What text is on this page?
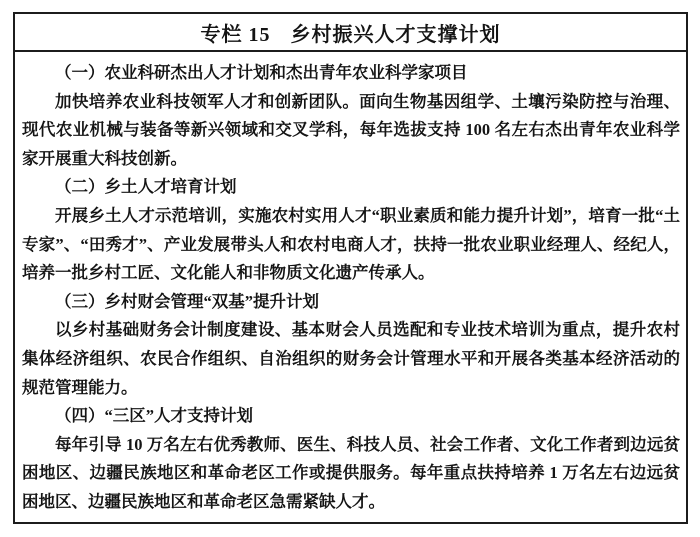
专栏 15 乡村振兴人才支撑计划

（一）农业科研杰出人才计划和杰出青年农业科学家项目

加快培养农业科技领军人才和创新团队。面向生物基因组学、土壤污染防控与治理、现代农业机械与装备等新兴领域和交叉学科，每年选拔支持 100 名左右杰出青年农业科学家开展重大科技创新。

（二）乡土人才培育计划

开展乡土人才示范培训，实施农村实用人才“职业素质和能力提升计划”，培育一批“土专家”、“田秀才”、产业发展带头人和农村电商人才，扶持一批农业职业经理人、经纪人，培养一批乡村工匠、文化能人和非物质文化遗产传承人。

（三）乡村财会管理“双基”提升计划

以乡村基础财务会计制度建设、基本财会人员选配和专业技术培训为重点，提升农村集体经济组织、农民合作组织、自治组织的财务会计管理水平和开展各类基本经济活动的规范管理能力。

（四）“三区”人才支持计划

每年引导 10 万名左右优秀教师、医生、科技人员、社会工作者、文化工作者到边远贫困地区、边疆民族地区和革命老区工作或提供服务。每年重点扶持培养 1 万名左右边远贫困地区、边疆民族地区和革命老区急需紧缺人才。
